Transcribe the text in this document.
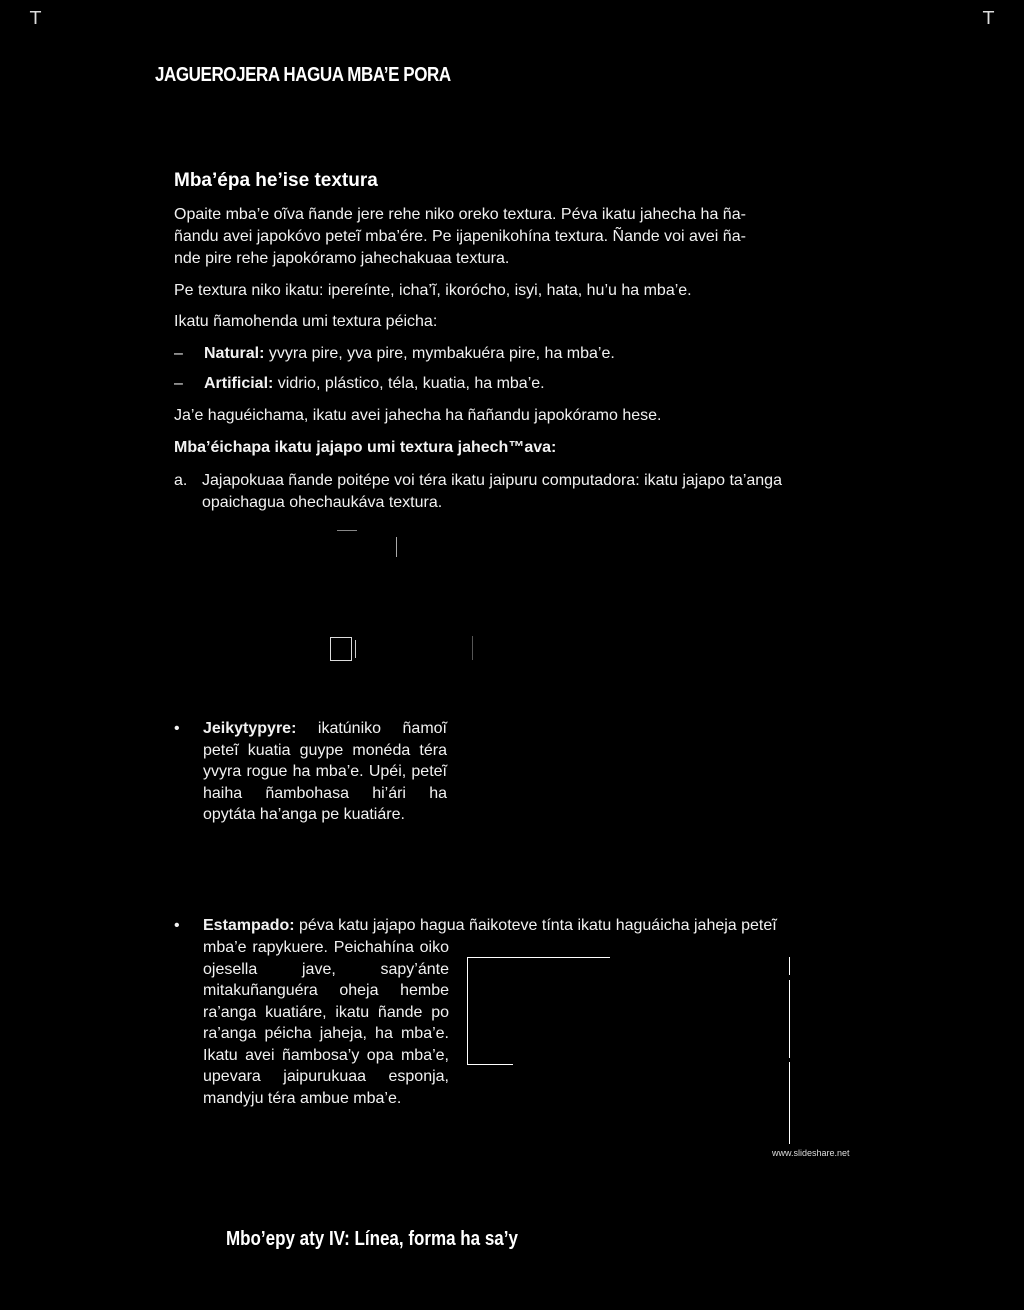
T	T
JAGUEROJERA HAGUA MBA’E PORA
Mba’épa he’ise textura
Opaite mba’e oĩva ñande jere rehe niko oreko textura. Péva ikatu jahecha ha ña-
ñandu avei japokóvo peteĩ mba’ére. Pe ijapenikohína textura. Ñande voi avei ña-
nde pire rehe japokóramo jahechakuaa textura.
Pe textura niko ikatu: ipereínte, icha’ĩ, ikorócho, isyi, hata, hu’u ha mba’e.
Ikatu ñamohenda umi textura péicha:
– Natural: yvyra pire, yva pire, mymbakuéra pire, ha mba’e.
– Artificial: vidrio, plástico, téla, kuatia, ha mba’e.
Ja’e haguéichama, ikatu avei jahecha ha ñañandu japokóramo hese.
Mba’éichapa ikatu jajapo umi textura jahech™ava:
a. Jajapokuaa ñande poitépe voi téra ikatu jaipuru computadora: ikatu jajapo ta’anga
opaichagua ohechaukáva textura.
• Jeikytypyre: ikatúniko ñamoĩ peteĩ kuatia guype monéda téra yvyra rogue ha mba’e. Upéi, peteĩ haiha ñambohasa hi’ári ha opytáta ha’anga pe kuatiáre.
• Estampado: péva katu jajapo hagua ñaikoteve tínta ikatu haguáicha jaheja peteĩ
mba’e rapykuere. Peichahína oiko ojesella jave, sapy’ánte mitakuñanguéra oheja hembe ra’anga kuatiáre, ikatu ñande po ra’anga péicha jaheja, ha mba’e. Ikatu avei ñambosa’y opa mba’e, upevara jaipurukuaa esponja, mandyju téra ambue mba’e.
www.slideshare.net
Mbo’epy aty IV: Línea, forma ha sa’y
